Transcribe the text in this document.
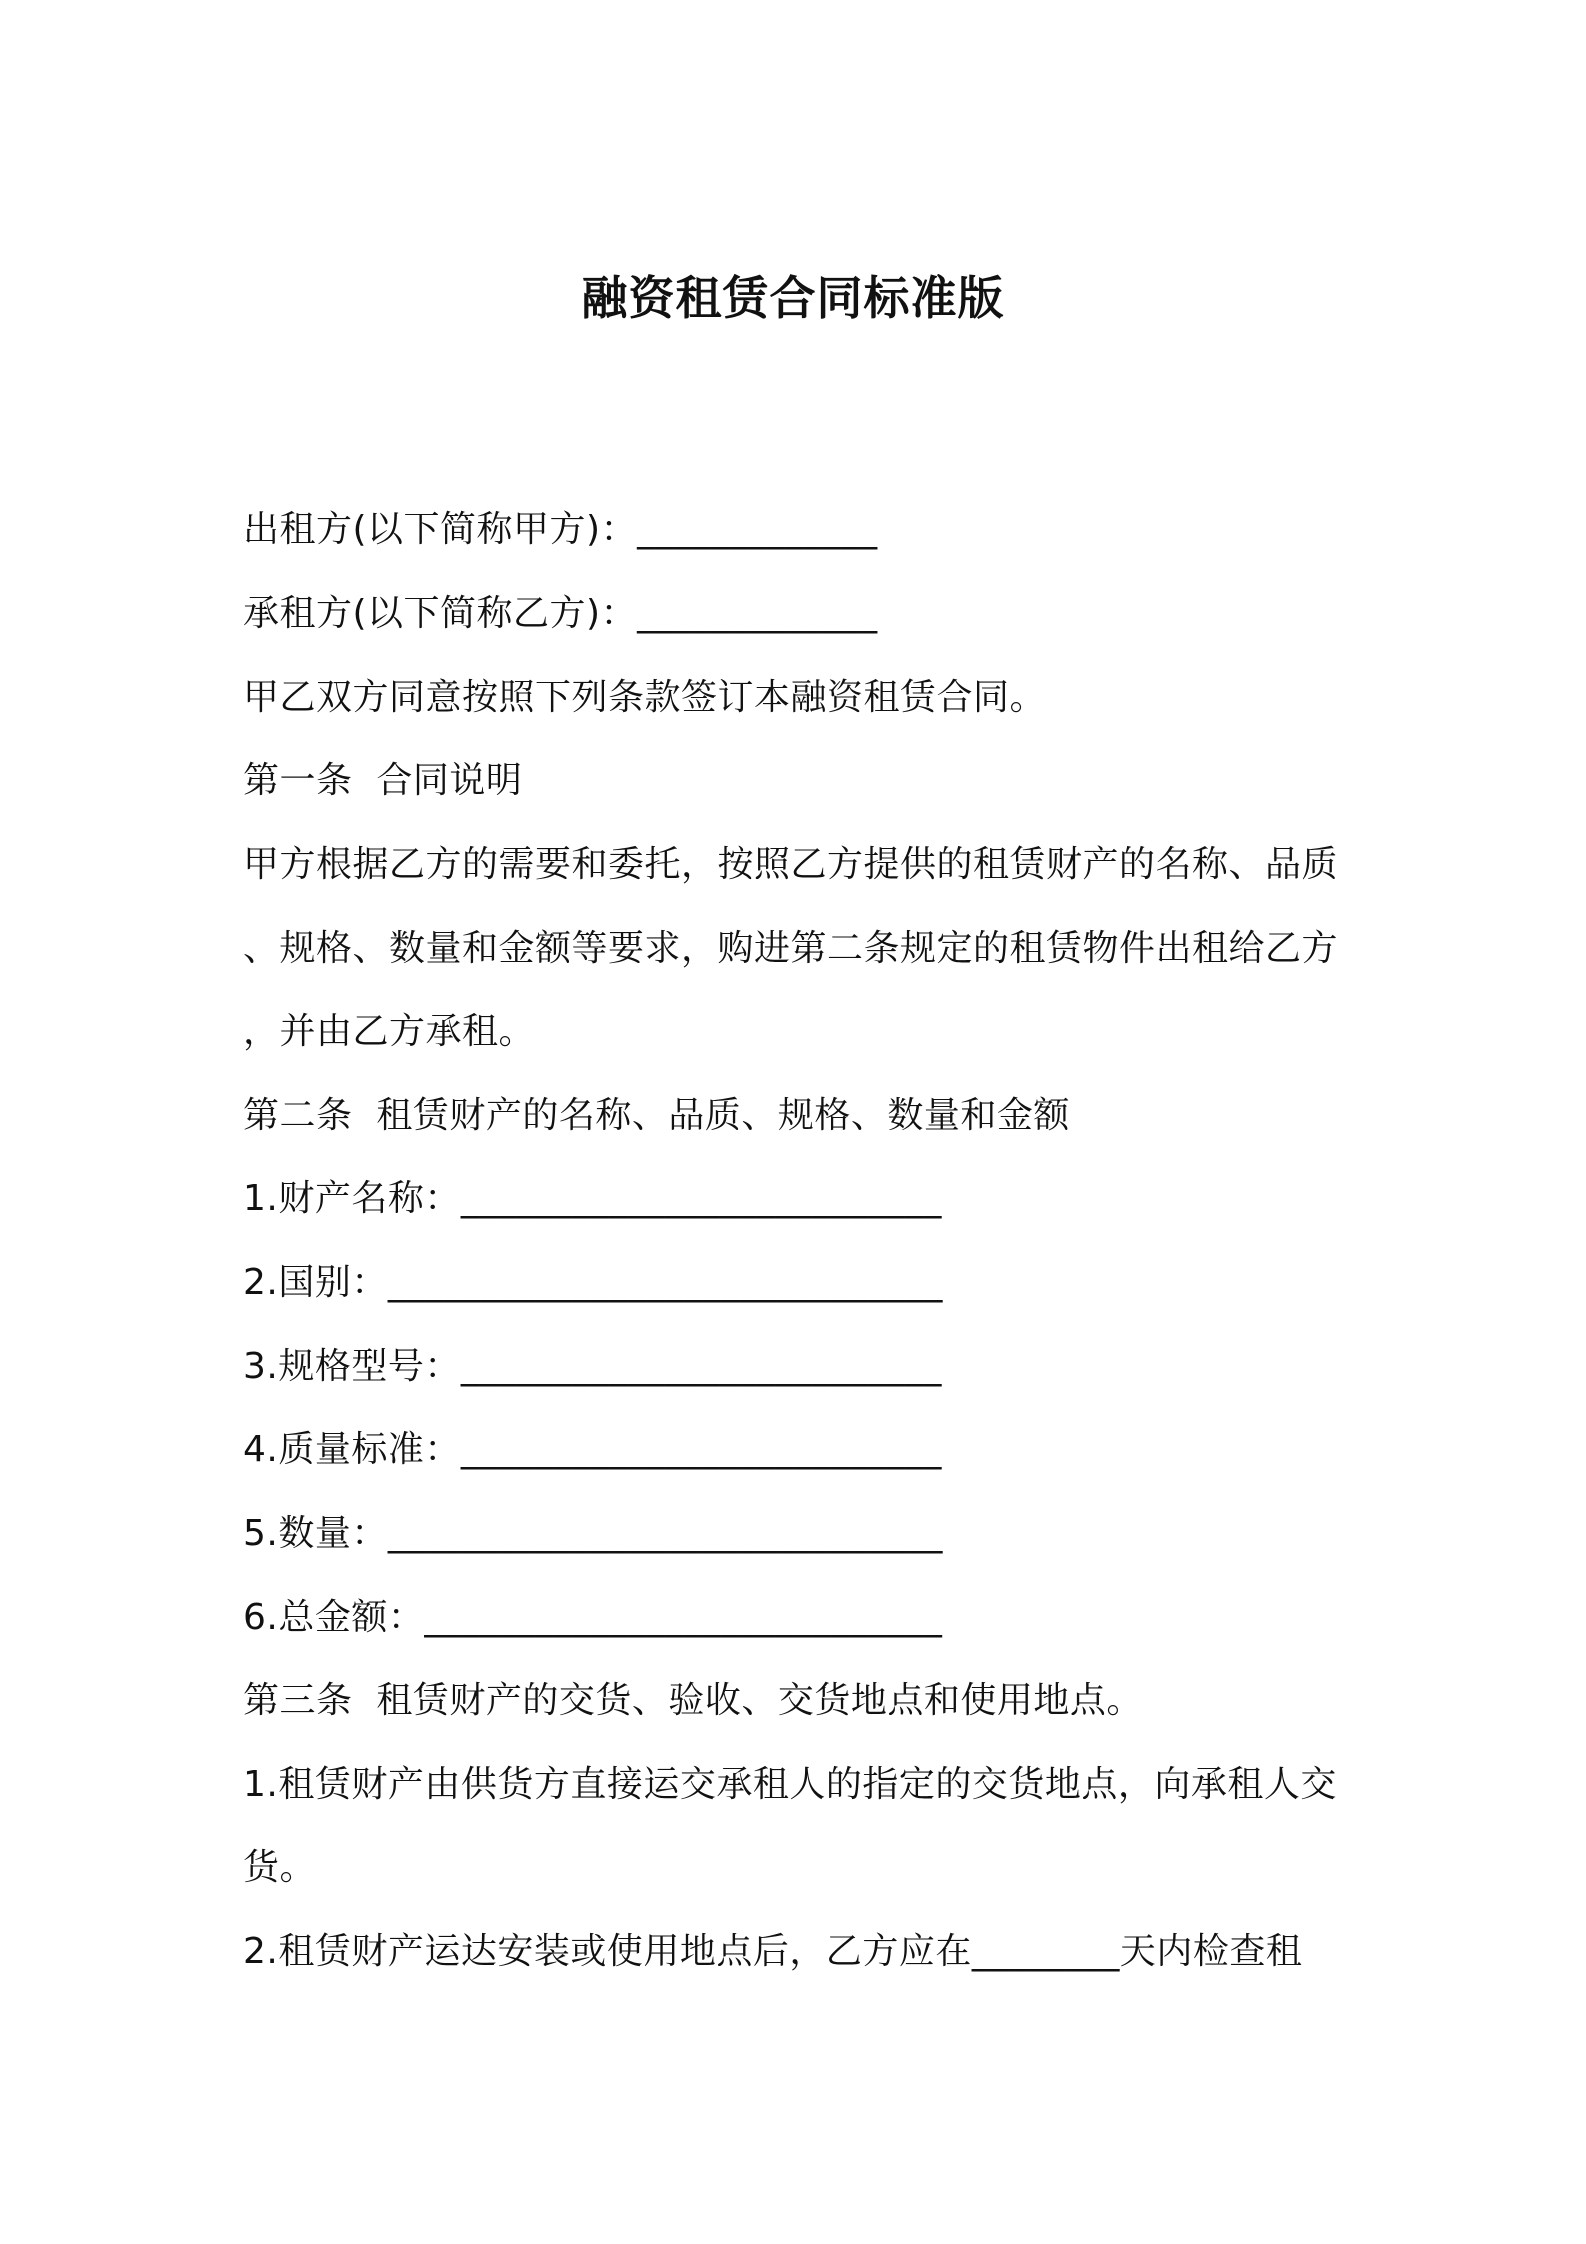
融资租赁合同标准版
出租方(以下简称甲方)：_____________
承租方(以下简称乙方)：_____________
甲乙双方同意按照下列条款签订本融资租赁合同。
第一条  合同说明
甲方根据乙方的需要和委托，按照乙方提供的租赁财产的名称、品质
、规格、数量和金额等要求，购进第二条规定的租赁物件出租给乙方
，并由乙方承租。
第二条  租赁财产的名称、品质、规格、数量和金额
1.财产名称：__________________________
2.国别：______________________________
3.规格型号：__________________________
4.质量标准：__________________________
5.数量：______________________________
6.总金额：____________________________
第三条  租赁财产的交货、验收、交货地点和使用地点。
1.租赁财产由供货方直接运交承租人的指定的交货地点，向承租人交
货。
2.租赁财产运达安装或使用地点后，乙方应在________天内检查租
